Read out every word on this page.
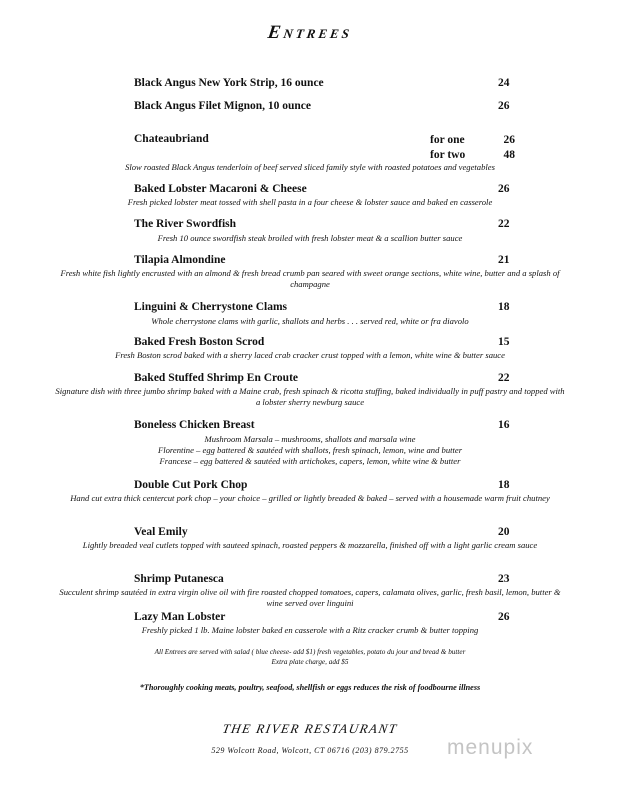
Entrees
Black Angus New York Strip, 16 ounce	24
Black Angus Filet Mignon, 10 ounce	26
Chateaubriand	for one	26
for two	48
Slow roasted Black Angus tenderloin of beef served sliced family style with roasted potatoes and vegetables
Baked Lobster Macaroni & Cheese	26
Fresh picked lobster meat tossed with shell pasta in a four cheese & lobster sauce and baked en casserole
The River Swordfish	22
Fresh 10 ounce swordfish steak broiled with fresh lobster meat & a scallion butter sauce
Tilapia Almondine	21
Fresh white fish lightly encrusted with an almond & fresh bread crumb pan seared with sweet orange sections, white wine, butter and a splash of champagne
Linguini & Cherrystone Clams	18
Whole cherrystone clams with garlic, shallots and herbs . . . served red, white or fra diavolo
Baked Fresh Boston Scrod	15
Fresh Boston scrod baked with a sherry laced crab cracker crust topped with a lemon, white wine & butter sauce
Baked Stuffed Shrimp En Croute	22
Signature dish with three jumbo shrimp baked with a Maine crab, fresh spinach & ricotta stuffing, baked individually in puff pastry and topped with a lobster sherry newburg sauce
Boneless Chicken Breast	16
Mushroom Marsala – mushrooms, shallots and marsala wine
Florentine – egg battered & sautéed with shallots, fresh spinach, lemon, wine and butter
Francese – egg battered & sautéed with artichokes, capers, lemon, white wine & butter
Double Cut Pork Chop	18
Hand cut extra thick centercut pork chop – your choice – grilled or lightly breaded & baked – served with a housemade warm fruit chutney
Veal Emily	20
Lightly breaded veal cutlets topped with sauteed spinach, roasted peppers & mozzarella, finished off with a light garlic cream sauce
Shrimp Putanesca	23
Succulent shrimp sautéed in extra virgin olive oil with fire roasted chopped tomatoes, capers, calamata olives, garlic, fresh basil, lemon, butter & wine served over linguini
Lazy Man Lobster	26
Freshly picked 1 lb. Maine lobster baked en casserole with a Ritz cracker crumb & butter topping
All Entrees are served with salad ( blue cheese- add $1) fresh vegetables, potato du jour and bread & butter
Extra plate charge, add $5
*Thoroughly cooking meats, poultry, seafood, shellfish or eggs reduces the risk of foodbourne illness
THE RIVER RESTAURANT
529 Wolcott Road, Wolcott, CT 06716 (203) 879.2755	menupix
